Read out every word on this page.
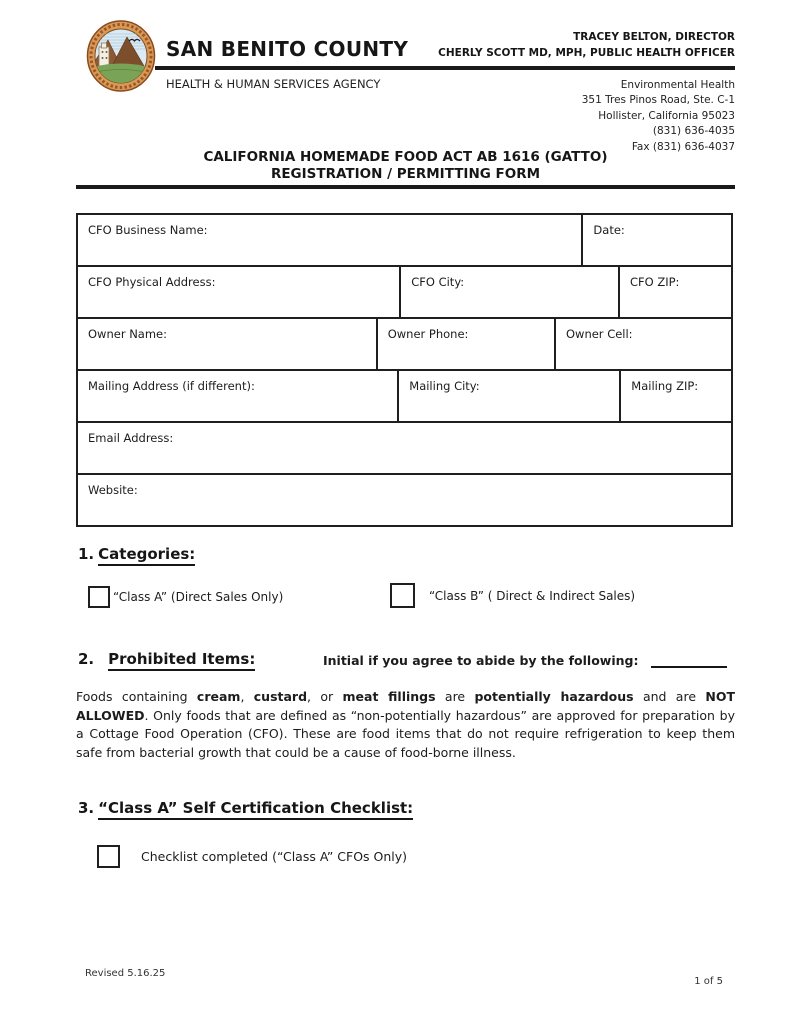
SAN BENITO COUNTY	TRACEY BELTON, DIRECTOR
CHERLY SCOTT MD, MPH, PUBLIC HEALTH OFFICER
HEALTH & HUMAN SERVICES AGENCY	Environmental Health
351 Tres Pinos Road, Ste. C-1
Hollister, California 95023
(831) 636-4035
Fax (831) 636-4037
CALIFORNIA HOMEMADE FOOD ACT AB 1616 (GATTO)
REGISTRATION / PERMITTING FORM
CFO Business Name:	Date:
CFO Physical Address:	CFO City:	CFO ZIP:
Owner Name:	Owner Phone:	Owner Cell:
Mailing Address (if different):	Mailing City:	Mailing ZIP:
Email Address:
Website:
1. Categories:
“Class A” (Direct Sales Only)	“Class B” ( Direct & Indirect Sales)
2. Prohibited Items:	Initial if you agree to abide by the following:
Foods containing cream, custard, or meat fillings are potentially hazardous and are NOT ALLOWED. Only foods that are defined as “non-potentially hazardous” are approved for preparation by a Cottage Food Operation (CFO). These are food items that do not require refrigeration to keep them safe from bacterial growth that could be a cause of food-borne illness.
3. “Class A” Self Certification Checklist:
Checklist completed (“Class A” CFOs Only)
Revised 5.16.25
1 of 5
